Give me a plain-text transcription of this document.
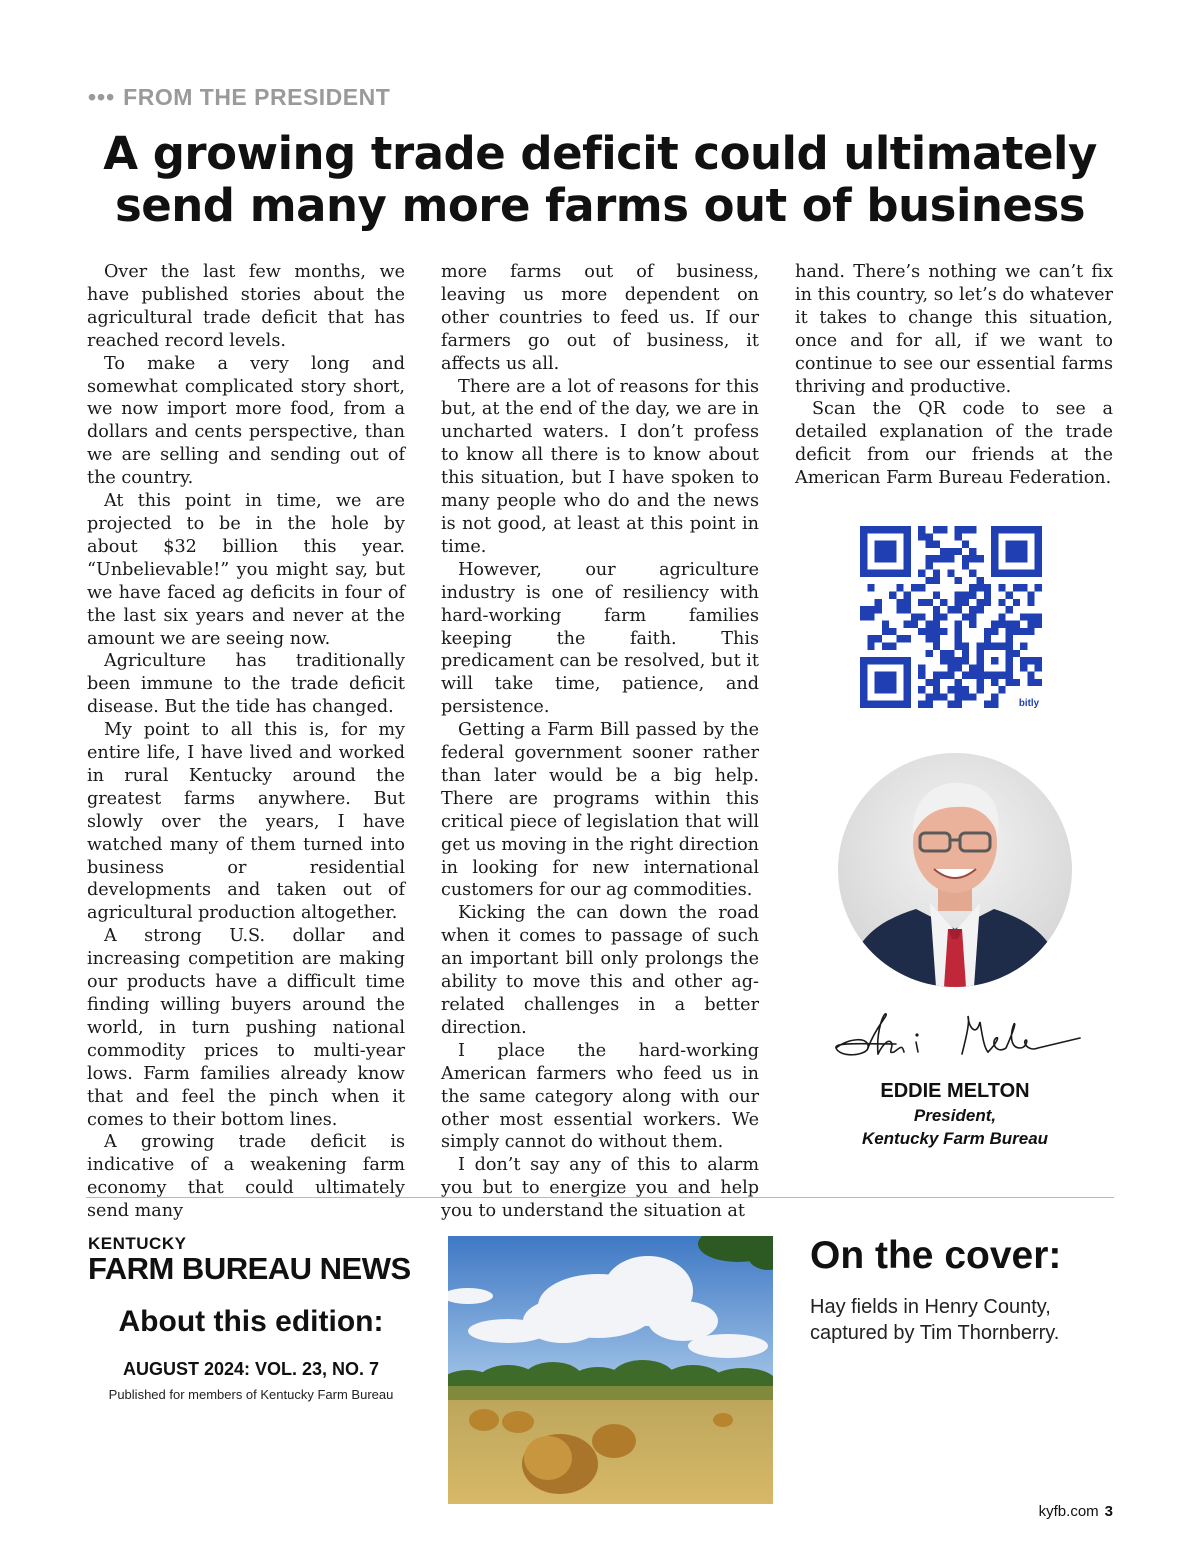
••• FROM THE PRESIDENT
A growing trade deficit could ultimately
send many more farms out of business

Over the last few months, we have published stories about the agricultural trade deficit that has reached record levels.

To make a very long and somewhat complicated story short, we now import more food, from a dollars and cents perspective, than we are selling and sending out of the country.

At this point in time, we are projected to be in the hole by about $32 billion this year. “Unbelievable!” you might say, but we have faced ag deficits in four of the last six years and never at the amount we are seeing now.

Agriculture has traditionally been immune to the trade deficit disease. But the tide has changed.

My point to all this is, for my entire life, I have lived and worked in rural Kentucky around the greatest farms anywhere. But slowly over the years, I have watched many of them turned into business or residential developments and taken out of agricultural production altogether.

A strong U.S. dollar and increasing competition are making our products have a difficult time finding willing buyers around the world, in turn pushing national commodity prices to multi-year lows. Farm families already know that and feel the pinch when it comes to their bottom lines.

A growing trade deficit is indicative of a weakening farm economy that could ultimately send many

more farms out of business, leaving us more dependent on other countries to feed us. If our farmers go out of business, it affects us all.

There are a lot of reasons for this but, at the end of the day, we are in uncharted waters. I don’t profess to know all there is to know about this situation, but I have spoken to many people who do and the news is not good, at least at this point in time.

However, our agriculture industry is one of resiliency with hard-working farm families keeping the faith. This predicament can be resolved, but it will take time, patience, and persistence.

Getting a Farm Bill passed by the federal government sooner rather than later would be a big help. There are programs within this critical piece of legislation that will get us moving in the right direction in looking for new international customers for our ag commodities.

Kicking the can down the road when it comes to passage of such an important bill only prolongs the ability to move this and other ag-related challenges in a better direction.

I place the hard-working American farmers who feed us in the same category along with our other most essential workers. We simply cannot do without them.

I don’t say any of this to alarm you but to energize you and help you to understand the situation at

hand. There’s nothing we can’t fix in this country, so let’s do whatever it takes to change this situation, once and for all, if we want to continue to see our essential farms thriving and productive.

Scan the QR code to see a detailed explanation of the trade deficit from our friends at the American Farm Bureau Federation.

bitly
EDDIE MELTON
President,
Kentucky Farm Bureau
KENTUCKY
FARM BUREAU NEWS
About this edition:
AUGUST 2024: VOL. 23, NO. 7
Published for members of Kentucky Farm Bureau
On the cover:
Hay fields in Henry County, captured by Tim Thornberry.
kyfb.com 3
